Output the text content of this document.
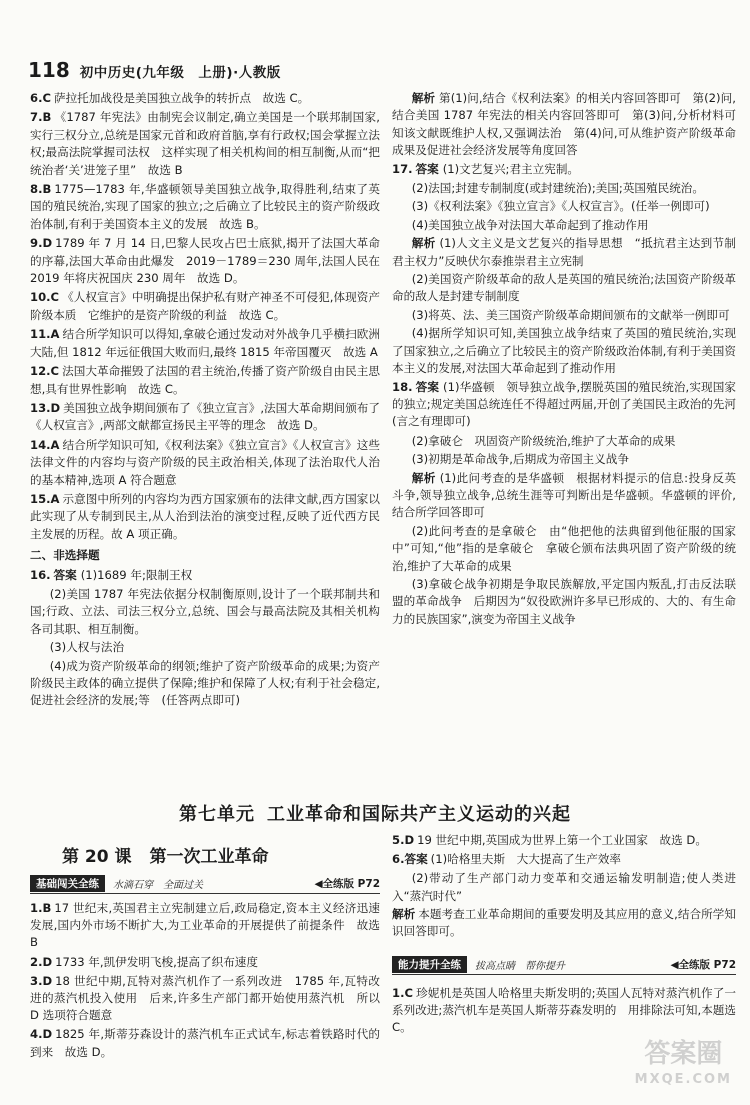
118 初中历史(九年级　上册)·人教版
6.C 萨拉托加战役是美国独立战争的转折点　故选 C。
7.B 《1787 年宪法》由制宪会议制定,确立美国是一个联邦制国家,实行三权分立,总统是国家元首和政府首脑,享有行政权;国会掌握立法权;最高法院掌握司法权　这样实现了相关机构间的相互制衡,从而“把统治者‘关’进笼子里”　故选 B
8.B 1775—1783 年,华盛顿领导美国独立战争,取得胜利,结束了英国的殖民统治,实现了国家的独立;之后确立了比较民主的资产阶级政治体制,有利于美国资本主义的发展　故选 B。
9.D 1789 年 7 月 14 日,巴黎人民攻占巴士底狱,揭开了法国大革命的序幕,法国大革命由此爆发　2019－1789＝230 周年,法国人民在 2019 年将庆祝国庆 230 周年　故选 D。
10.C 《人权宣言》中明确提出保护私有财产神圣不可侵犯,体现资产阶级本质　它维护的是资产阶级的利益　故选 C。
11.A 结合所学知识可以得知,拿破仑通过发动对外战争几乎横扫欧洲大陆,但 1812 年远征俄国大败而归,最终 1815 年帝国覆灭　故选 A
12.C 法国大革命摧毁了法国的君主统治,传播了资产阶级自由民主思想,具有世界性影响　故选 C。
13.D 美国独立战争期间颁布了《独立宣言》,法国大革命期间颁布了《人权宣言》,两部文献都宣扬民主平等的理念　故选 D。
14.A 结合所学知识可知,《权利法案》《独立宣言》《人权宣言》这些法律文件的内容均与资产阶级的民主政治相关,体现了法治取代人治的基本精神,选项 A 符合题意
15.A 示意图中所列的内容均为西方国家颁布的法律文献,西方国家以此实现了从专制到民主,从人治到法治的演变过程,反映了近代西方民主发展的历程。故 A 项正确。
二、非选择题
16. 答案 (1)1689 年;限制王权
(2)美国 1787 年宪法依据分权制衡原则,设计了一个联邦制共和国;行政、立法、司法三权分立,总统、国会与最高法院及其相关机构各司其职、相互制衡。
(3)人权与法治
(4)成为资产阶级革命的纲领;维护了资产阶级革命的成果;为资产阶级民主政体的确立提供了保障;维护和保障了人权;有利于社会稳定,促进社会经济的发展;等　(任答两点即可)
解析 第(1)问,结合《权利法案》的相关内容回答即可　第(2)问,结合美国 1787 年宪法的相关内容回答即可　第(3)问,分析材料可知该文献既维护人权,又强调法治　第(4)问,可从维护资产阶级革命成果及促进社会经济发展等角度回答
17. 答案 (1)文艺复兴;君主立宪制。
(2)法国;封建专制制度(或封建统治);美国;英国殖民统治。
(3)《权利法案》《独立宣言》《人权宣言》。(任举一例即可)
(4)美国独立战争对法国大革命起到了推动作用
解析 (1)人文主义是文艺复兴的指导思想　“抵抗君主达到节制君主权力”反映伏尔泰推崇君主立宪制
(2)美国资产阶级革命的敌人是英国的殖民统治;法国资产阶级革命的敌人是封建专制制度
(3)将英、法、美三国资产阶级革命期间颁布的文献举一例即可
(4)据所学知识可知,美国独立战争结束了英国的殖民统治,实现了国家独立,之后确立了比较民主的资产阶级政治体制,有利于美国资本主义的发展,对法国大革命起到了推动作用
18. 答案 (1)华盛顿　领导独立战争,摆脱英国的殖民统治,实现国家的独立;规定美国总统连任不得超过两届,开创了美国民主政治的先河　(言之有理即可)
(2)拿破仑　巩固资产阶级统治,维护了大革命的成果
(3)初期是革命战争,后期成为帝国主义战争
解析 (1)此问考查的是华盛顿　根据材料提示的信息:投身反英斗争,领导独立战争,总统生涯等可判断出是华盛顿。华盛顿的评价,结合所学回答即可
(2)此问考查的是拿破仑　由“他把他的法典留到他征服的国家中”可知,“他”指的是拿破仑　拿破仑颁布法典巩固了资产阶级的统治,维护了大革命的成果
(3)拿破仑战争初期是争取民族解放,平定国内叛乱,打击反法联盟的革命战争　后期因为“奴役欧洲许多早已形成的、大的、有生命力的民族国家”,演变为帝国主义战争
第七单元 工业革命和国际共产主义运动的兴起
第 20 课 第一次工业革命
基础闯关全练	水滴石穿　全面过关	◀全练版 P72
1.B 17 世纪末,英国君主立宪制建立后,政局稳定,资本主义经济迅速发展,国内外市场不断扩大,为工业革命的开展提供了前提条件　故选 B
2.D 1733 年,凯伊发明飞梭,提高了织布速度
3.D 18 世纪中期,瓦特对蒸汽机作了一系列改进　1785 年,瓦特改进的蒸汽机投入使用　后来,许多生产部门都开始使用蒸汽机　所以 D 选项符合题意
4.D 1825 年,斯蒂芬森设计的蒸汽机车正式试车,标志着铁路时代的到来　故选 D。
5.D 19 世纪中期,英国成为世界上第一个工业国家　故选 D。
6.答案 (1)哈格里夫斯　大大提高了生产效率
(2)带动了生产部门动力变革和交通运输发明制造;使人类进入“蒸汽时代”
解析 本题考查工业革命期间的重要发明及其应用的意义,结合所学知识回答即可。
能力提升全练	拔高点睛　帮你提升	◀全练版 P72
1.C 珍妮机是英国人哈格里夫斯发明的;英国人瓦特对蒸汽机作了一系列改进;蒸汽机车是英国人斯蒂芬森发明的　用排除法可知,本题选 C。
答案圈
MXQE.COM
